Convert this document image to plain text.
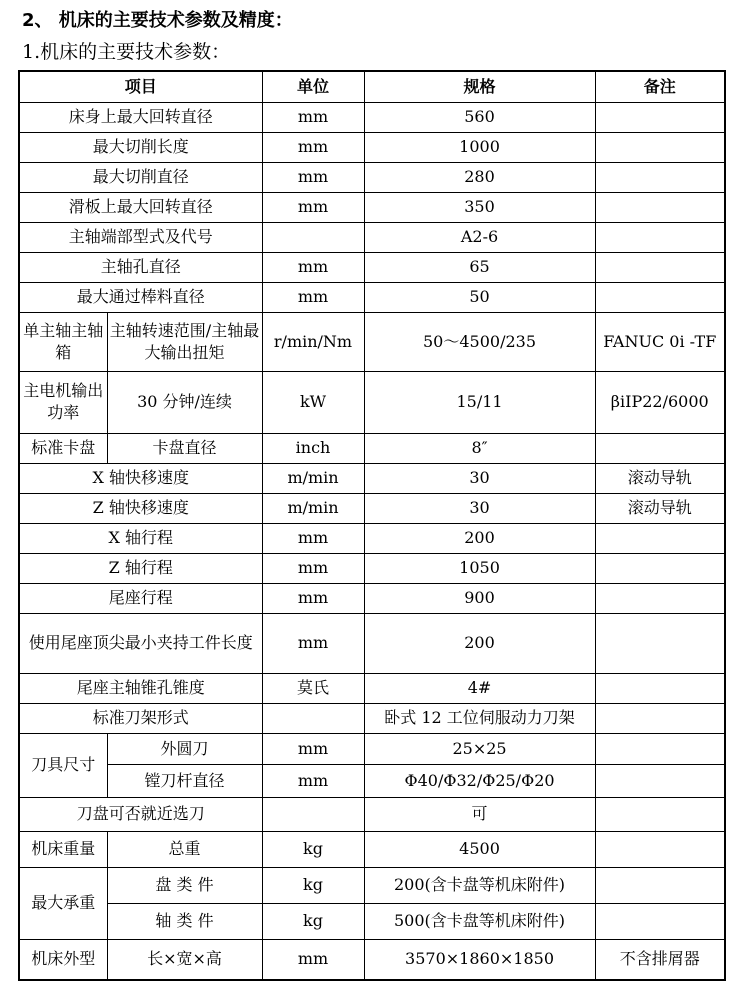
2、 机床的主要技术参数及精度：
1.机床的主要技术参数：
项目		单位	规格	备注
床身上最大回转直径		mm	560	
最大切削长度		mm	1000	
最大切削直径		mm	280	
滑板上最大回转直径		mm	350	
主轴端部型式及代号			A2-6	
主轴孔直径		mm	65	
最大通过棒料直径		mm	50	
单主轴主轴箱	主轴转速范围/主轴最大输出扭矩	r/min/Nm	50～4500/235	FANUC 0i -TF
主电机输出功率	30 分钟/连续	kW	15/11	βiIP22/6000
标准卡盘	卡盘直径	inch	8″	
X 轴快移速度		m/min	30	滚动导轨
Z 轴快移速度		m/min	30	滚动导轨
X 轴行程		mm	200	
Z 轴行程		mm	1050	
尾座行程		mm	900	
使用尾座顶尖最小夹持工件长度		mm	200	
尾座主轴锥孔锥度		莫氏	4#	
标准刀架形式			卧式 12 工位伺服动力刀架	
刀具尺寸	外圆刀	mm	25×25	
	镗刀杆直径	mm	Φ40/Φ32/Φ25/Φ20	
刀盘可否就近选刀			可	
机床重量	总重	kg	4500	
最大承重	盘 类 件	kg	200(含卡盘等机床附件)	
	轴 类 件	kg	500(含卡盘等机床附件)	
机床外型	长×宽×高	mm	3570×1860×1850	不含排屑器
